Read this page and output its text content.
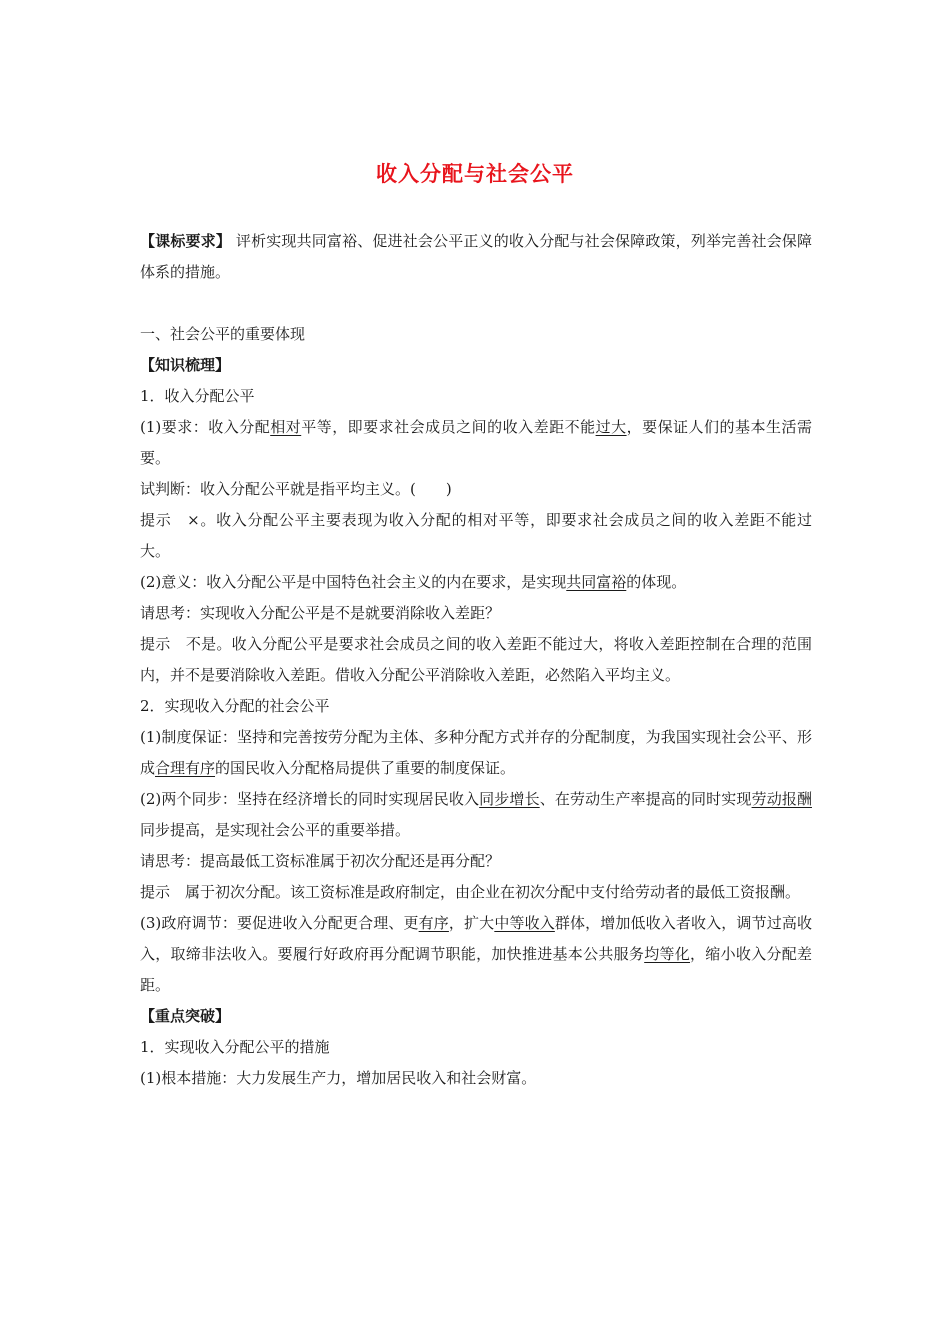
收入分配与社会公平

【课标要求】 评析实现共同富裕、促进社会公平正义的收入分配与社会保障政策，列举完善社会保障体系的措施。

一、社会公平的重要体现

【知识梳理】

1．收入分配公平

(1)要求：收入分配相对平等，即要求社会成员之间的收入差距不能过大，要保证人们的基本生活需要。

试判断：收入分配公平就是指平均主义。(　　)

提示　×。收入分配公平主要表现为收入分配的相对平等，即要求社会成员之间的收入差距不能过大。

(2)意义：收入分配公平是中国特色社会主义的内在要求，是实现共同富裕的体现。

请思考：实现收入分配公平是不是就要消除收入差距？

提示　不是。收入分配公平是要求社会成员之间的收入差距不能过大，将收入差距控制在合理的范围内，并不是要消除收入差距。借收入分配公平消除收入差距，必然陷入平均主义。

2．实现收入分配的社会公平

(1)制度保证：坚持和完善按劳分配为主体、多种分配方式并存的分配制度，为我国实现社会公平、形成合理有序的国民收入分配格局提供了重要的制度保证。

(2)两个同步：坚持在经济增长的同时实现居民收入同步增长、在劳动生产率提高的同时实现劳动报酬同步提高，是实现社会公平的重要举措。

请思考：提高最低工资标准属于初次分配还是再分配？

提示　属于初次分配。该工资标准是政府制定，由企业在初次分配中支付给劳动者的最低工资报酬。

(3)政府调节：要促进收入分配更合理、更有序，扩大中等收入群体，增加低收入者收入，调节过高收入，取缔非法收入。要履行好政府再分配调节职能，加快推进基本公共服务均等化，缩小收入分配差距。

【重点突破】

1．实现收入分配公平的措施

(1)根本措施：大力发展生产力，增加居民收入和社会财富。
